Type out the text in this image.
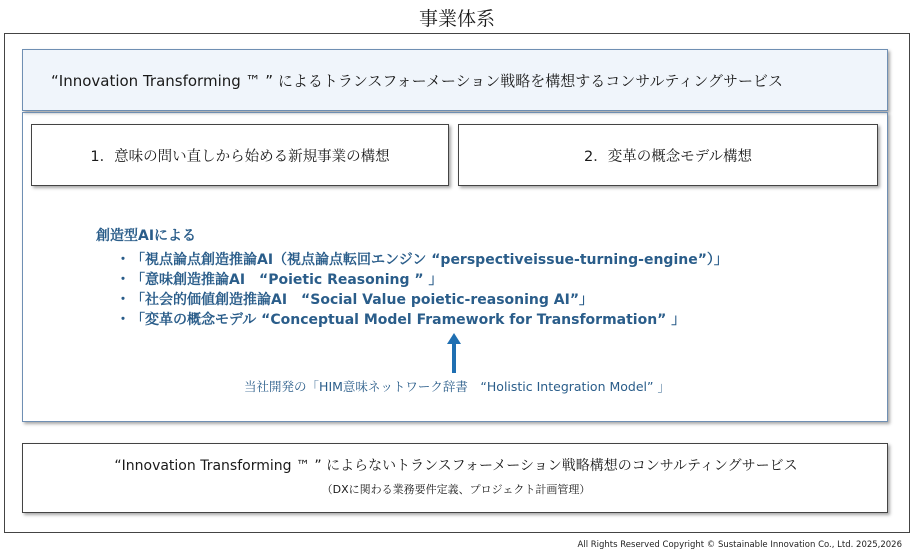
事業体系
“Innovation Transforming ™ ” によるトランスフォーメーション戦略を構想するコンサルティングサービス
1．意味の問い直しから始める新規事業の構想	2．変革の概念モデル構想
創造型AIによる
・「視点論点創造推論AI（視点論点転回エンジン “perspectiveissue-turning-engine”）」
・「意味創造推論AI　“Poietic Reasoning ” 」
・「社会的価値創造推論AI　“Social Value poietic-reasoning AI”」
・「変革の概念モデル “Conceptual Model Framework for Transformation” 」
当社開発の「HIM意味ネットワーク辞書　“Holistic Integration Model” 」
“Innovation Transforming ™ ” によらないトランスフォーメーション戦略構想のコンサルティングサービス
（DXに関わる業務要件定義、プロジェクト計画管理）
All Rights Reserved Copyright © Sustainable Innovation Co., Ltd. 2025,2026
